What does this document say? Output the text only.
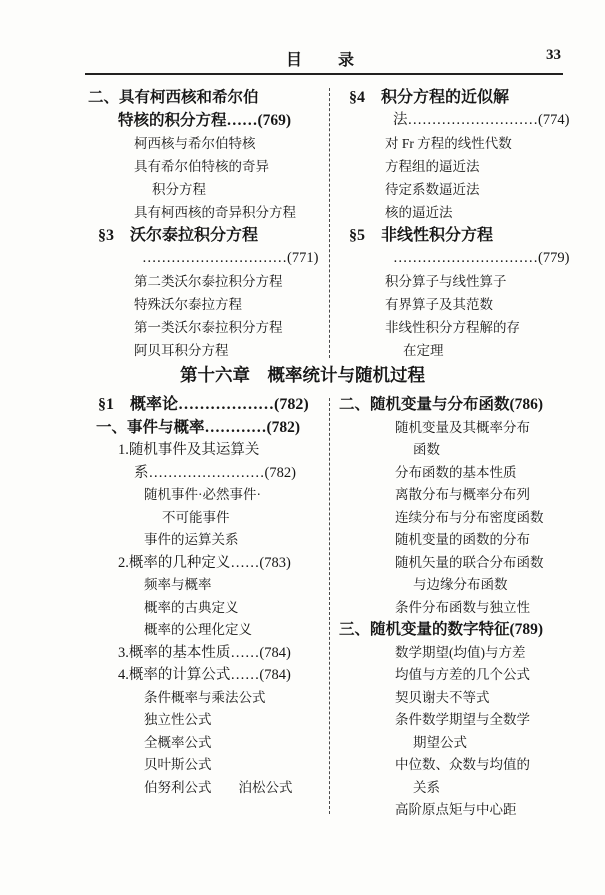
目　录	33
二、具有柯西核和希尔伯
特核的积分方程……(769)
柯西核与希尔伯特核
具有希尔伯特核的奇异
积分方程
具有柯西核的奇异积分方程
§3　沃尔泰拉积分方程
…………………………(771)
第二类沃尔泰拉积分方程
特殊沃尔泰拉方程
第一类沃尔泰拉积分方程
阿贝耳积分方程
§4　积分方程的近似解
法………………………(774)
对 Fr 方程的线性代数
方程组的逼近法
待定系数逼近法
核的逼近法
§5　非线性积分方程
…………………………(779)
积分算子与线性算子
有界算子及其范数
非线性积分方程解的存
在定理
第十六章　概率统计与随机过程
§1　概率论………………(782)
一、事件与概率…………(782)
1.随机事件及其运算关
系……………………(782)
随机事件·必然事件·
不可能事件
事件的运算关系
2.概率的几种定义……(783)
频率与概率
概率的古典定义
概率的公理化定义
3.概率的基本性质……(784)
4.概率的计算公式……(784)
条件概率与乘法公式
独立性公式
全概率公式
贝叶斯公式
伯努利公式　　泊松公式
二、随机变量与分布函数(786)
随机变量及其概率分布
函数
分布函数的基本性质
离散分布与概率分布列
连续分布与分布密度函数
随机变量的函数的分布
随机矢量的联合分布函数
与边缘分布函数
条件分布函数与独立性
三、随机变量的数字特征(789)
数学期望(均值)与方差
均值与方差的几个公式
契贝谢夫不等式
条件数学期望与全数学
期望公式
中位数、众数与均值的
关系
高阶原点矩与中心距
